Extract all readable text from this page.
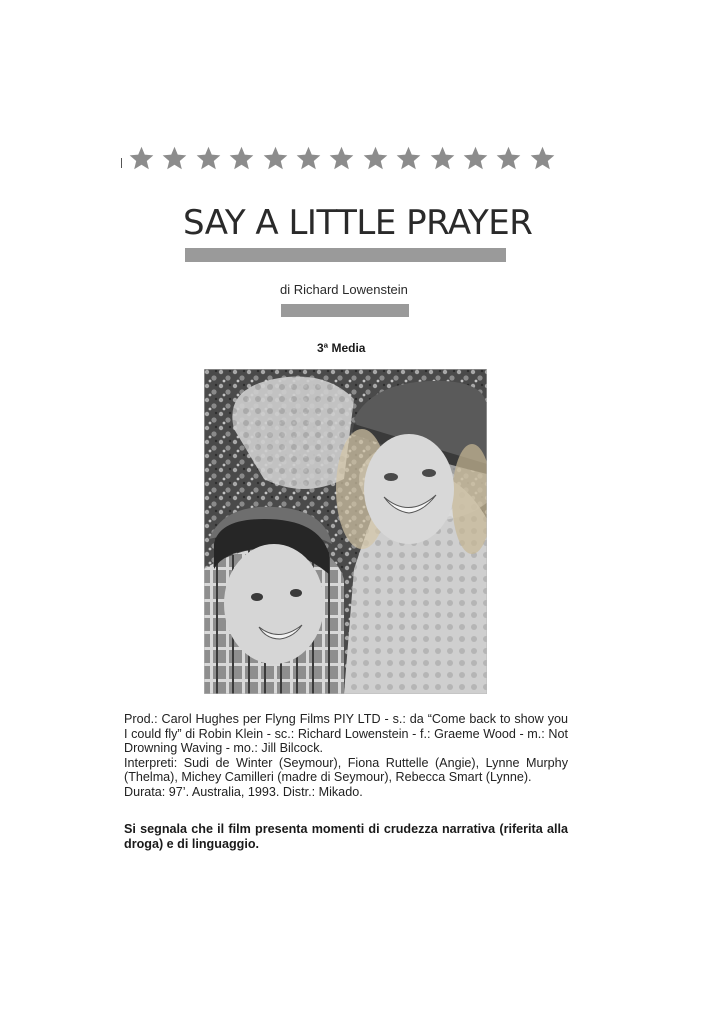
SAY A LITTLE PRAYER
di Richard Lowenstein
3ª Media

Prod.: Carol Hughes per Flyng Films PIY LTD - s.: da “Come back to show you I could fly” di Robin Klein - sc.: Richard Lowenstein - f.: Graeme Wood - m.: Not Drowning Waving - mo.: Jill Bilcock.

Interpreti: Sudi de Winter (Seymour), Fiona Ruttelle (Angie), Lynne Murphy (Thelma), Michey Camilleri (madre di Seymour), Rebecca Smart (Lynne).

Durata: 97’. Australia, 1993. Distr.: Mikado.

Si segnala che il film presenta momenti di crudezza narrativa (riferita alla droga) e di linguaggio.
